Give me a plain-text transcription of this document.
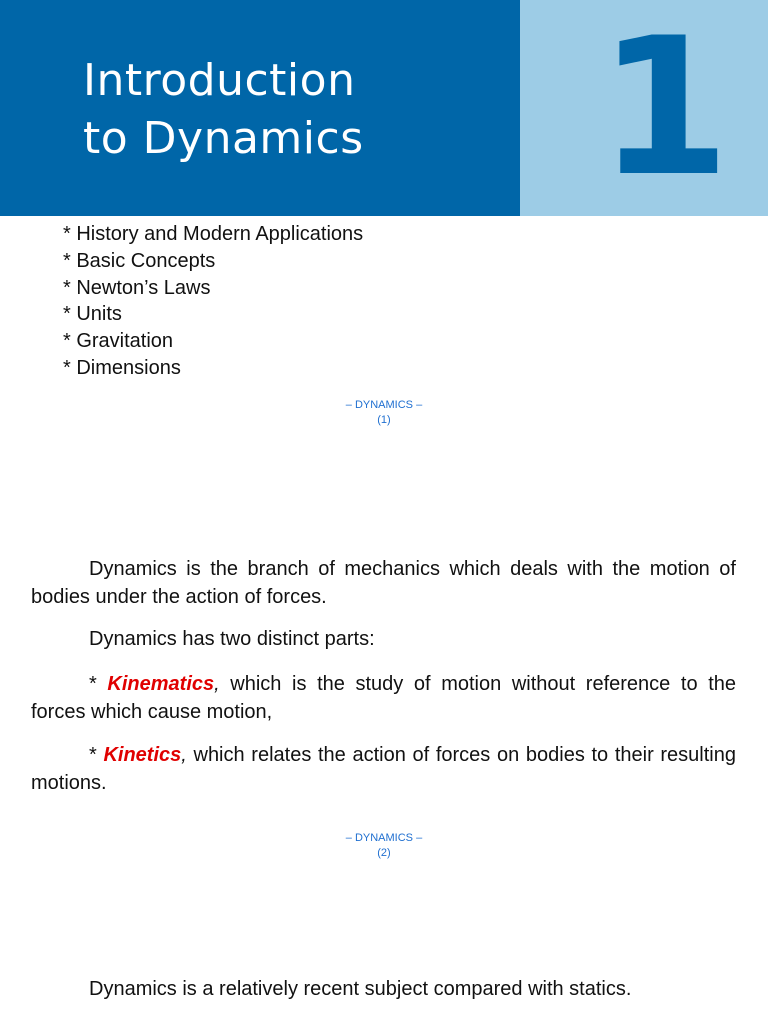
Introduction
to Dynamics 1
* History and Modern Applications
* Basic Concepts
* Newton’s Laws
* Units
* Gravitation
* Dimensions
– DYNAMICS –
(1)

Dynamics is the branch of mechanics which deals with the motion of bodies under the action of forces.

Dynamics has two distinct parts:

* Kinematics, which is the study of motion without reference to the forces which cause motion,

* Kinetics, which relates the action of forces on bodies to their resulting motions.

– DYNAMICS –
(2)

Dynamics is a relatively recent subject compared with statics.
